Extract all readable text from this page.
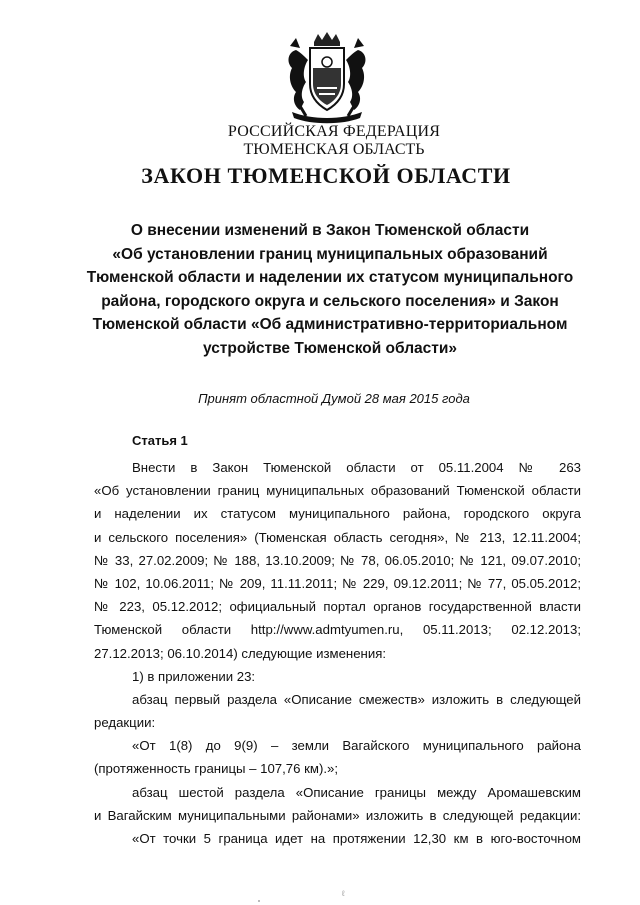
РОССИЙСКАЯ ФЕДЕРАЦИЯ
ТЮМЕНСКАЯ ОБЛАСТЬ
ЗАКОН ТЮМЕНСКОЙ ОБЛАСТИ
О внесении изменений в Закон Тюменской области
«Об установлении границ муниципальных образований
Тюменской области и наделении их статусом муниципального
района, городского округа и сельского поселения» и Закон
Тюменской области «Об административно-территориальном
устройстве Тюменской области»
Принят областной Думой 28 мая 2015 года
Статья 1
Внести в Закон Тюменской области от 05.11.2004 № 263
«Об установлении границ муниципальных образований Тюменской области
и наделении их статусом муниципального района, городского округа
и сельского поселения» (Тюменская область сегодня», № 213, 12.11.2004;
№ 33, 27.02.2009; № 188, 13.10.2009; № 78, 06.05.2010; № 121, 09.07.2010;
№ 102, 10.06.2011; № 209, 11.11.2011; № 229, 09.12.2011; № 77, 05.05.2012;
№ 223, 05.12.2012; официальный портал органов государственной власти
Тюменской области http://www.admtyumen.ru, 05.11.2013; 02.12.2013;
27.12.2013; 06.10.2014) следующие изменения:
1) в приложении 23:
абзац первый раздела «Описание смежеств» изложить в следующей
редакции:
«От 1(8) до 9(9) – земли Вагайского муниципального района
(протяженность границы – 107,76 км).»;
абзац шестой раздела «Описание границы между Аромашевским
и Вагайским муниципальными районами» изложить в следующей редакции:
«От точки 5 граница идет на протяжении 12,30 км в юго-восточном
ℓ
